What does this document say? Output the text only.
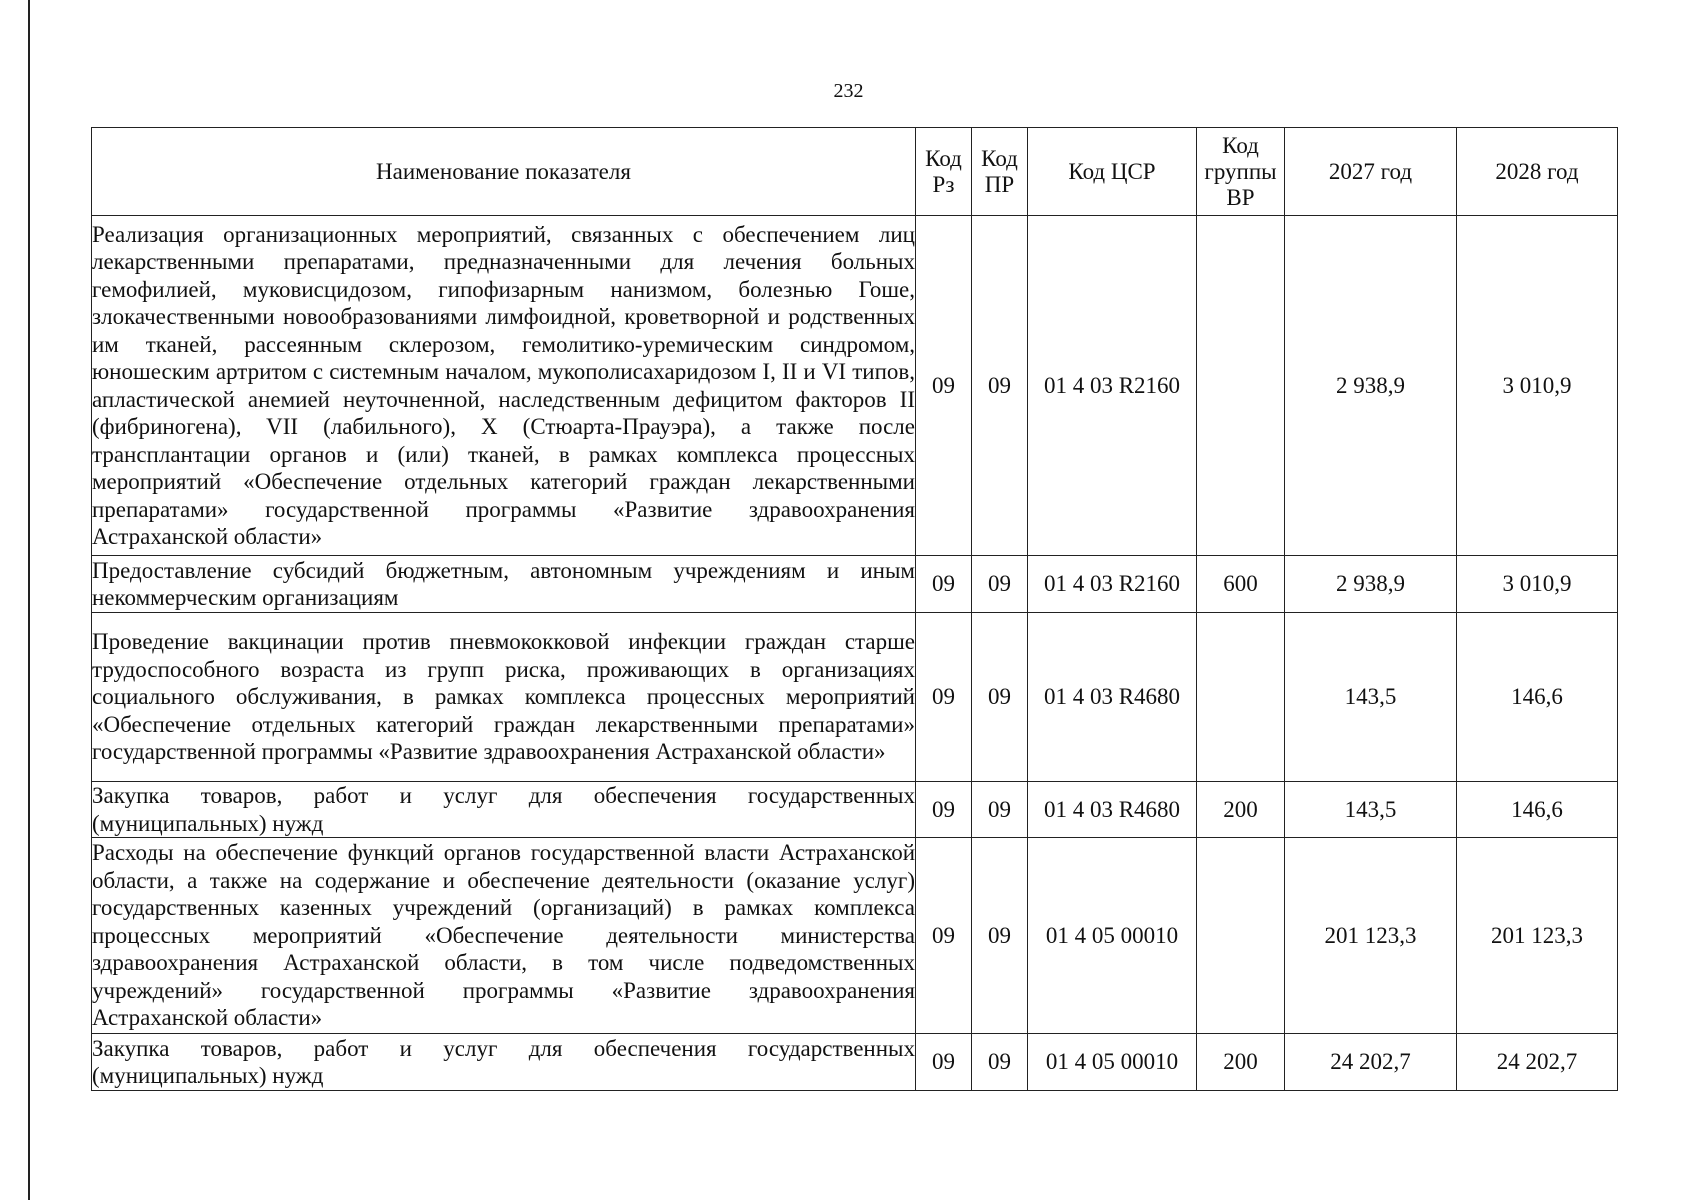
232
Наименование показателя	Код Рз	Код ПР	Код ЦСР	Код группы ВР	2027 год	2028 год
Реализация организационных мероприятий, связанных с обеспечением лиц лекарственными препаратами, предназначенными для лечения больных гемофилией, муковисцидозом, гипофизарным нанизмом, болезнью Гоше, злокачественными новообразованиями лимфоидной, кроветворной и родственных им тканей, рассеянным склерозом, гемолитико-уремическим синдромом, юношеским артритом с системным началом, мукополисахаридозом I, II и VI типов, апластической анемией неуточненной, наследственным дефицитом факторов II (фибриногена), VII (лабильного), X (Стюарта-Прауэра), а также после трансплантации органов и (или) тканей, в рамках комплекса процессных мероприятий «Обеспечение отдельных категорий граждан лекарственными препаратами» государственной программы «Развитие здравоохранения Астраханской области»	09	09	01 4 03 R2160		2 938,9	3 010,9
Предоставление субсидий бюджетным, автономным учреждениям и иным некоммерческим организациям	09	09	01 4 03 R2160	600	2 938,9	3 010,9
Проведение вакцинации против пневмококковой инфекции граждан старше трудоспособного возраста из групп риска, проживающих в организациях социального обслуживания, в рамках комплекса процессных мероприятий «Обеспечение отдельных категорий граждан лекарственными препаратами» государственной программы «Развитие здравоохранения Астраханской области»	09	09	01 4 03 R4680		143,5	146,6
Закупка товаров, работ и услуг для обеспечения государственных (муниципальных) нужд	09	09	01 4 03 R4680	200	143,5	146,6
Расходы на обеспечение функций органов государственной власти Астраханской области, а также на содержание и обеспечение деятельности (оказание услуг) государственных казенных учреждений (организаций) в рамках комплекса процессных мероприятий «Обеспечение деятельности министерства здравоохранения Астраханской области, в том числе подведомственных учреждений» государственной программы «Развитие здравоохранения Астраханской области»	09	09	01 4 05 00010		201 123,3	201 123,3
Закупка товаров, работ и услуг для обеспечения государственных (муниципальных) нужд	09	09	01 4 05 00010	200	24 202,7	24 202,7
